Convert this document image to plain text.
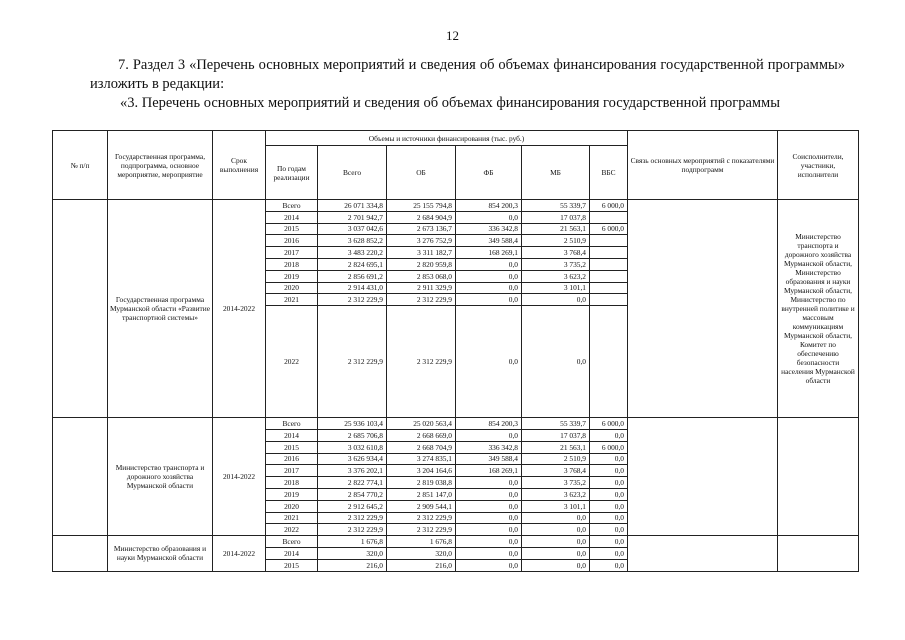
12
7. Раздел 3 «Перечень основных мероприятий и сведения об объемах финансирования государственной программы» изложить в редакции:
«3. Перечень основных мероприятий и сведения об объемах финансирования государственной программы
№ п/п	Государственная программа, подпрограмма, основное мероприятие, мероприятие	Срок выполнения	Объемы и источники финансирования (тыс. руб.)						Связь основных мероприятий с показателями подпрограмм	Соисполнители, участники, исполнители
			По годам реализации	Всего	ОБ	ФБ	МБ	ВБС		
	Государственная программа Мурманской области «Развитие транспортной системы»	2014-2022	Всего	26 071 334,8	25 155 794,8	854 200,3	55 339,7	6 000,0		Министерство транспорта и дорожного хозяйства Мурманской области, Министерство образования и науки Мурманской области, Министерство по внутренней политике и массовым коммуникациям Мурманской области, Комитет по обеспечению безопасности населения Мурманской области
			2014	2 701 942,7	2 684 904,9	0,0	17 037,8			
			2015	3 037 042,6	2 673 136,7	336 342,8	21 563,1	6 000,0		
			2016	3 628 852,2	3 276 752,9	349 588,4	2 510,9			
			2017	3 483 220,2	3 311 182,7	168 269,1	3 768,4			
			2018	2 824 695,1	2 820 959,8	0,0	3 735,2			
			2019	2 856 691,2	2 853 068,0	0,0	3 623,2			
			2020	2 914 431,0	2 911 329,9	0,0	3 101,1			
			2021	2 312 229,9	2 312 229,9	0,0	0,0			
			2022	2 312 229,9	2 312 229,9	0,0	0,0			
	Министерство транспорта и дорожного хозяйства Мурманской области	2014-2022	Всего	25 936 103,4	25 020 563,4	854 200,3	55 339,7	6 000,0		
			2014	2 685 706,8	2 668 669,0	0,0	17 037,8	0,0		
			2015	3 032 610,8	2 668 704,9	336 342,8	21 563,1	6 000,0		
			2016	3 626 934,4	3 274 835,1	349 588,4	2 510,9	0,0		
			2017	3 376 202,1	3 204 164,6	168 269,1	3 768,4	0,0		
			2018	2 822 774,1	2 819 038,8	0,0	3 735,2	0,0		
			2019	2 854 770,2	2 851 147,0	0,0	3 623,2	0,0		
			2020	2 912 645,2	2 909 544,1	0,0	3 101,1	0,0		
			2021	2 312 229,9	2 312 229,9	0,0	0,0	0,0		
			2022	2 312 229,9	2 312 229,9	0,0	0,0	0,0		
	Министерство образования и науки Мурманской области	2014-2022	Всего	1 676,8	1 676,8	0,0	0,0	0,0		
			2014	320,0	320,0	0,0	0,0	0,0		
			2015	216,0	216,0	0,0	0,0	0,0		
